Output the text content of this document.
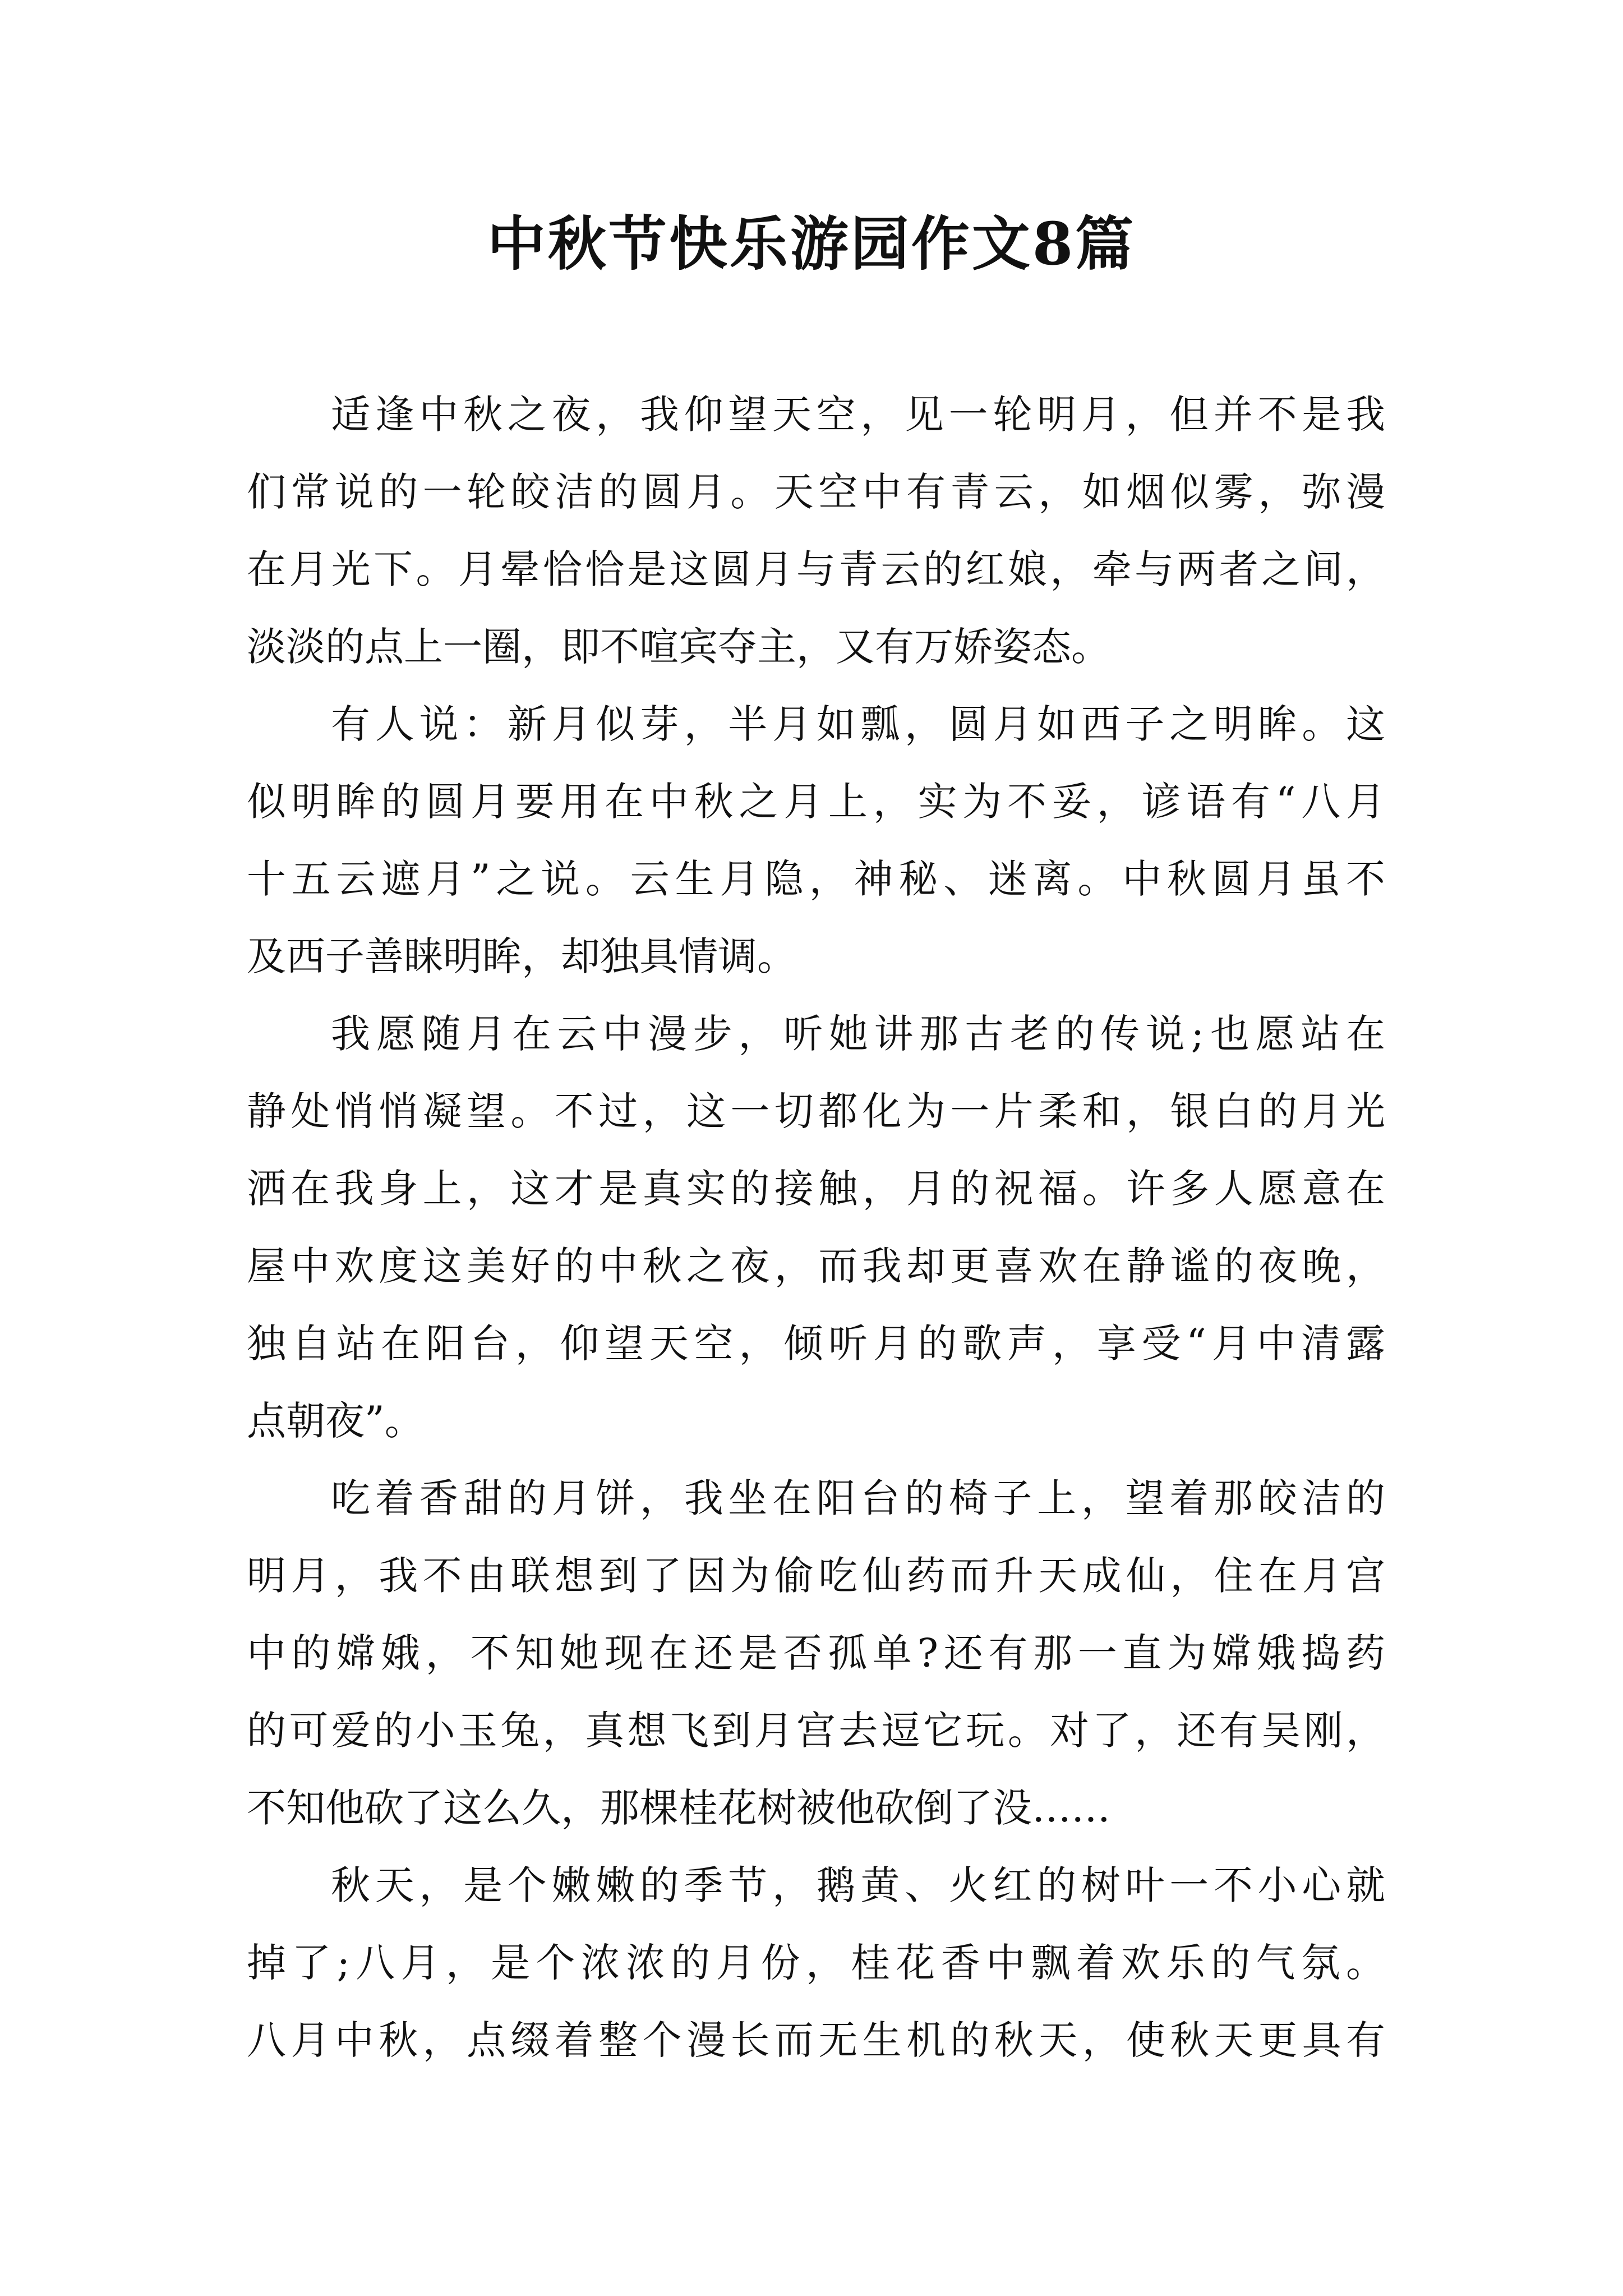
中秋节快乐游园作文8篇

适逢中秋之夜，我仰望天空，见一轮明月，但并不是我
们常说的一轮皎洁的圆月。天空中有青云，如烟似雾，弥漫
在月光下。月晕恰恰是这圆月与青云的红娘，牵与两者之间，
淡淡的点上一圈，即不喧宾夺主，又有万娇姿态。

有人说：新月似芽，半月如瓢，圆月如西子之明眸。这
似明眸的圆月要用在中秋之月上，实为不妥，谚语有“八月
十五云遮月”之说。云生月隐，神秘、迷离。中秋圆月虽不
及西子善睐明眸，却独具情调。

我愿随月在云中漫步，听她讲那古老的传说;也愿站在
静处悄悄凝望。不过，这一切都化为一片柔和，银白的月光
洒在我身上，这才是真实的接触，月的祝福。许多人愿意在
屋中欢度这美好的中秋之夜，而我却更喜欢在静谧的夜晚，
独自站在阳台，仰望天空，倾听月的歌声，享受“月中清露
点朝夜”。

吃着香甜的月饼，我坐在阳台的椅子上，望着那皎洁的
明月，我不由联想到了因为偷吃仙药而升天成仙，住在月宫
中的嫦娥，不知她现在还是否孤单?还有那一直为嫦娥捣药
的可爱的小玉兔，真想飞到月宫去逗它玩。对了，还有吴刚，
不知他砍了这么久，那棵桂花树被他砍倒了没……

秋天，是个嫩嫩的季节，鹅黄、火红的树叶一不小心就
掉了;八月，是个浓浓的月份，桂花香中飘着欢乐的气氛。
八月中秋，点缀着整个漫长而无生机的秋天，使秋天更具有
